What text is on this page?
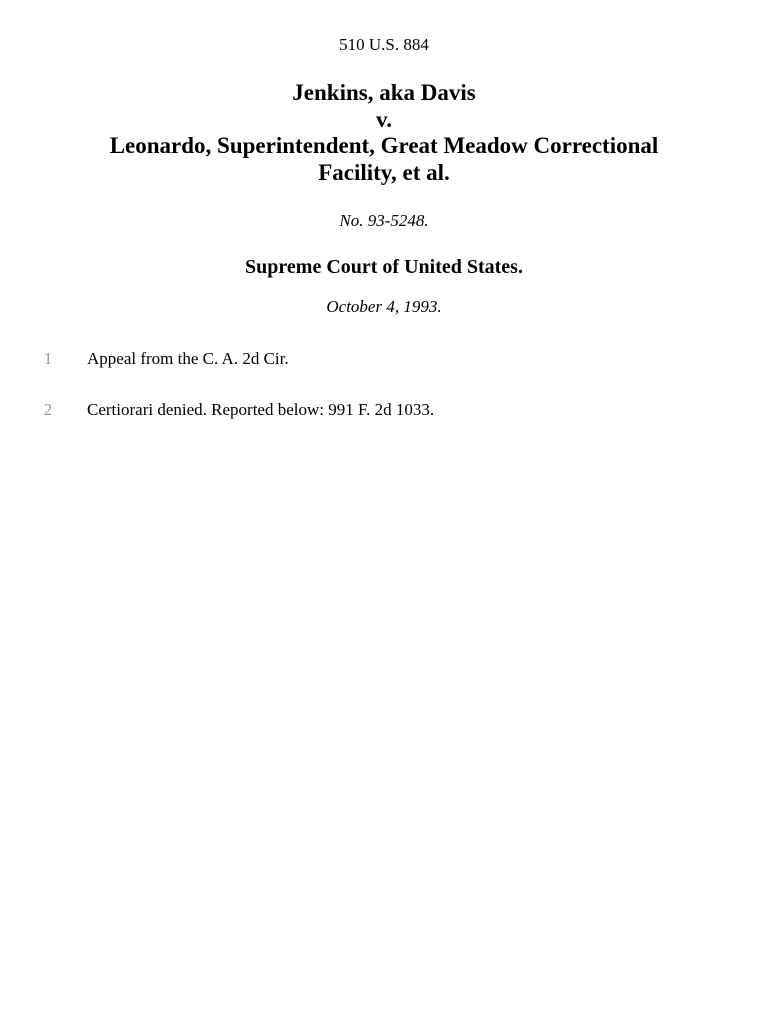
510 U.S. 884
Jenkins, aka Davis
v.
Leonardo, Superintendent, Great Meadow Correctional
Facility, et al.
No. 93-5248.
Supreme Court of United States.
October 4, 1993.
1	Appeal from the C. A. 2d Cir.
2	Certiorari denied. Reported below: 991 F. 2d 1033.
